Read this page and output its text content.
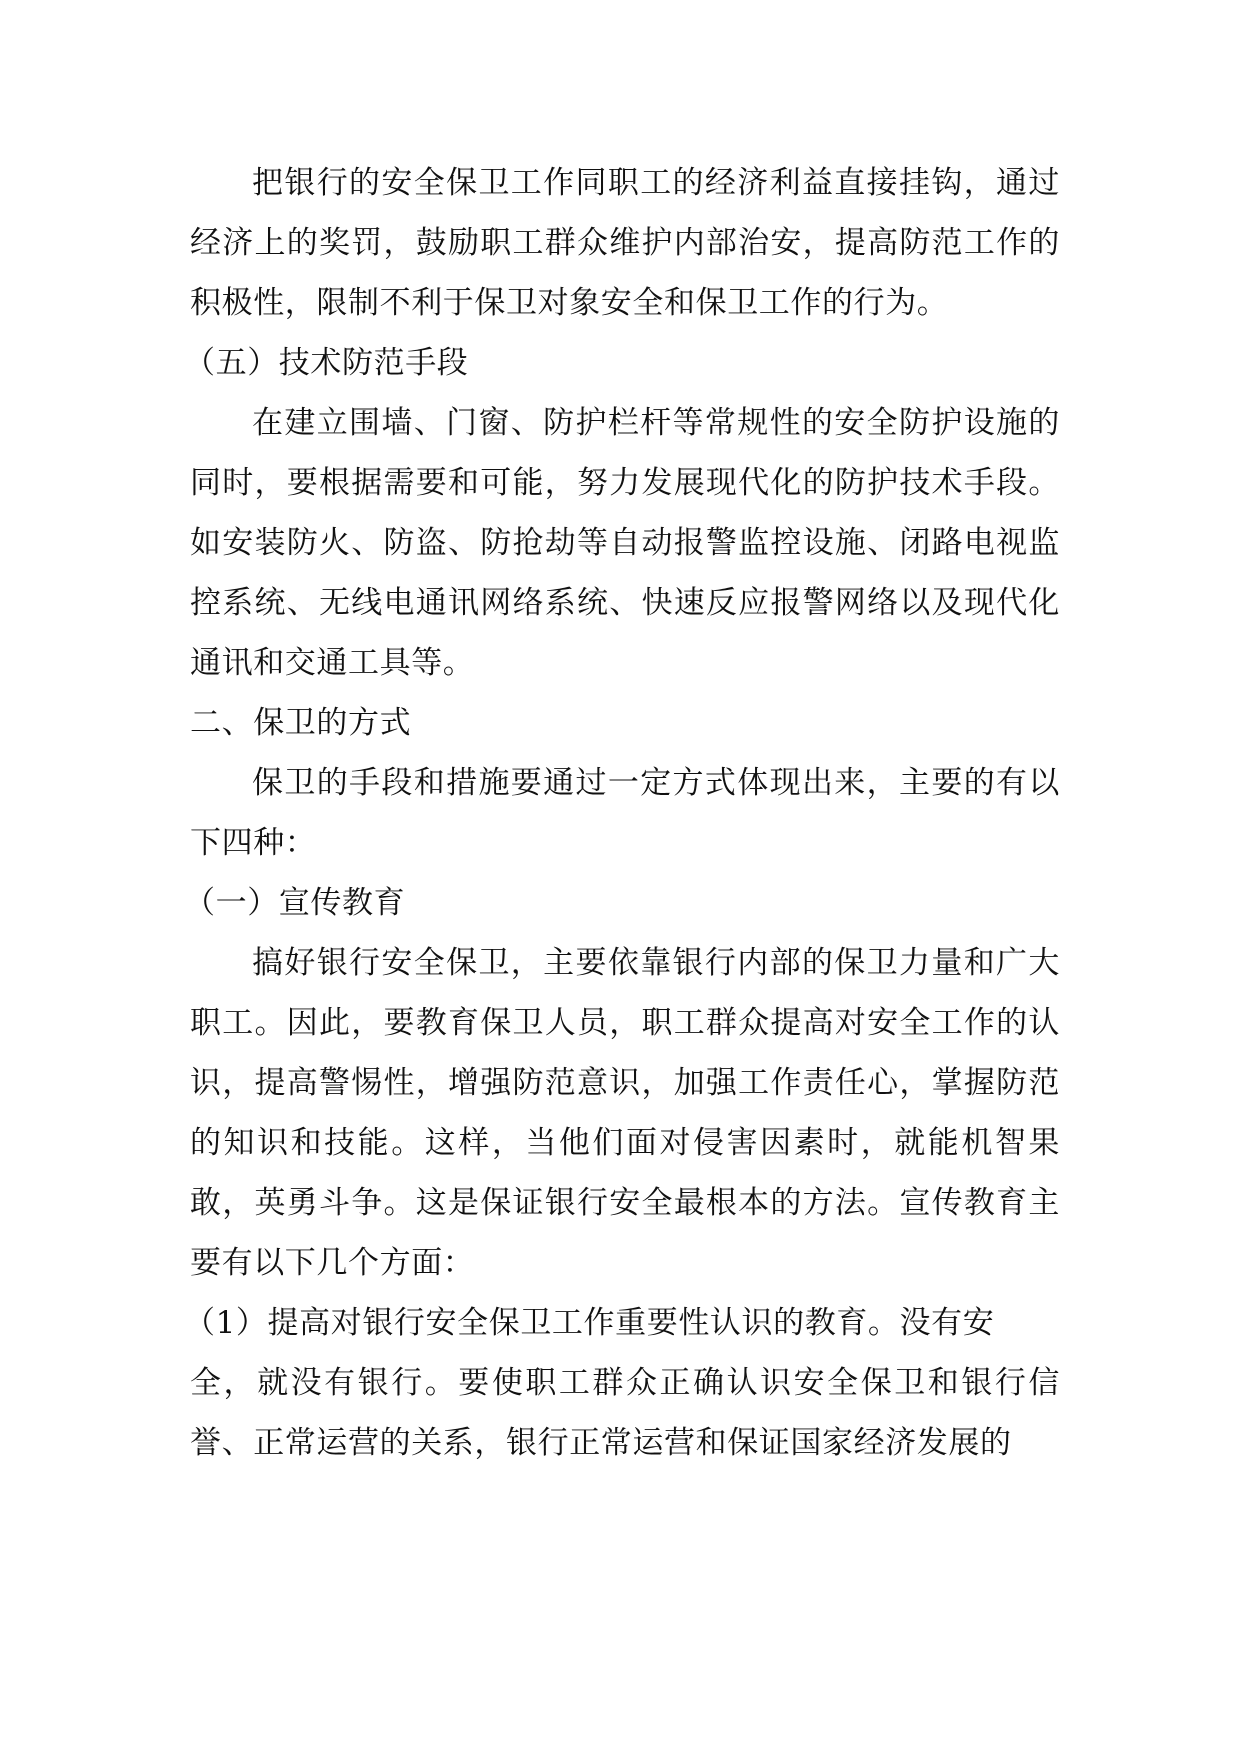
把银行的安全保卫工作同职工的经济利益直接挂钩，通过经济上的奖罚，鼓励职工群众维护内部治安，提高防范工作的积极性，限制不利于保卫对象安全和保卫工作的行为。

（五）技术防范手段

在建立围墙、门窗、防护栏杆等常规性的安全防护设施的同时，要根据需要和可能，努力发展现代化的防护技术手段。如安装防火、防盗、防抢劫等自动报警监控设施、闭路电视监控系统、无线电通讯网络系统、快速反应报警网络以及现代化通讯和交通工具等。

二、保卫的方式

保卫的手段和措施要通过一定方式体现出来，主要的有以下四种：

（一）宣传教育

搞好银行安全保卫，主要依靠银行内部的保卫力量和广大职工。因此，要教育保卫人员，职工群众提高对安全工作的认识，提高警惕性，增强防范意识，加强工作责任心，掌握防范的知识和技能。这样，当他们面对侵害因素时，就能机智果敢，英勇斗争。这是保证银行安全最根本的方法。宣传教育主要有以下几个方面：

（1）提高对银行安全保卫工作重要性认识的教育。没有安

全，就没有银行。要使职工群众正确认识安全保卫和银行信誉、正常运营的关系，银行正常运营和保证国家经济发展的
